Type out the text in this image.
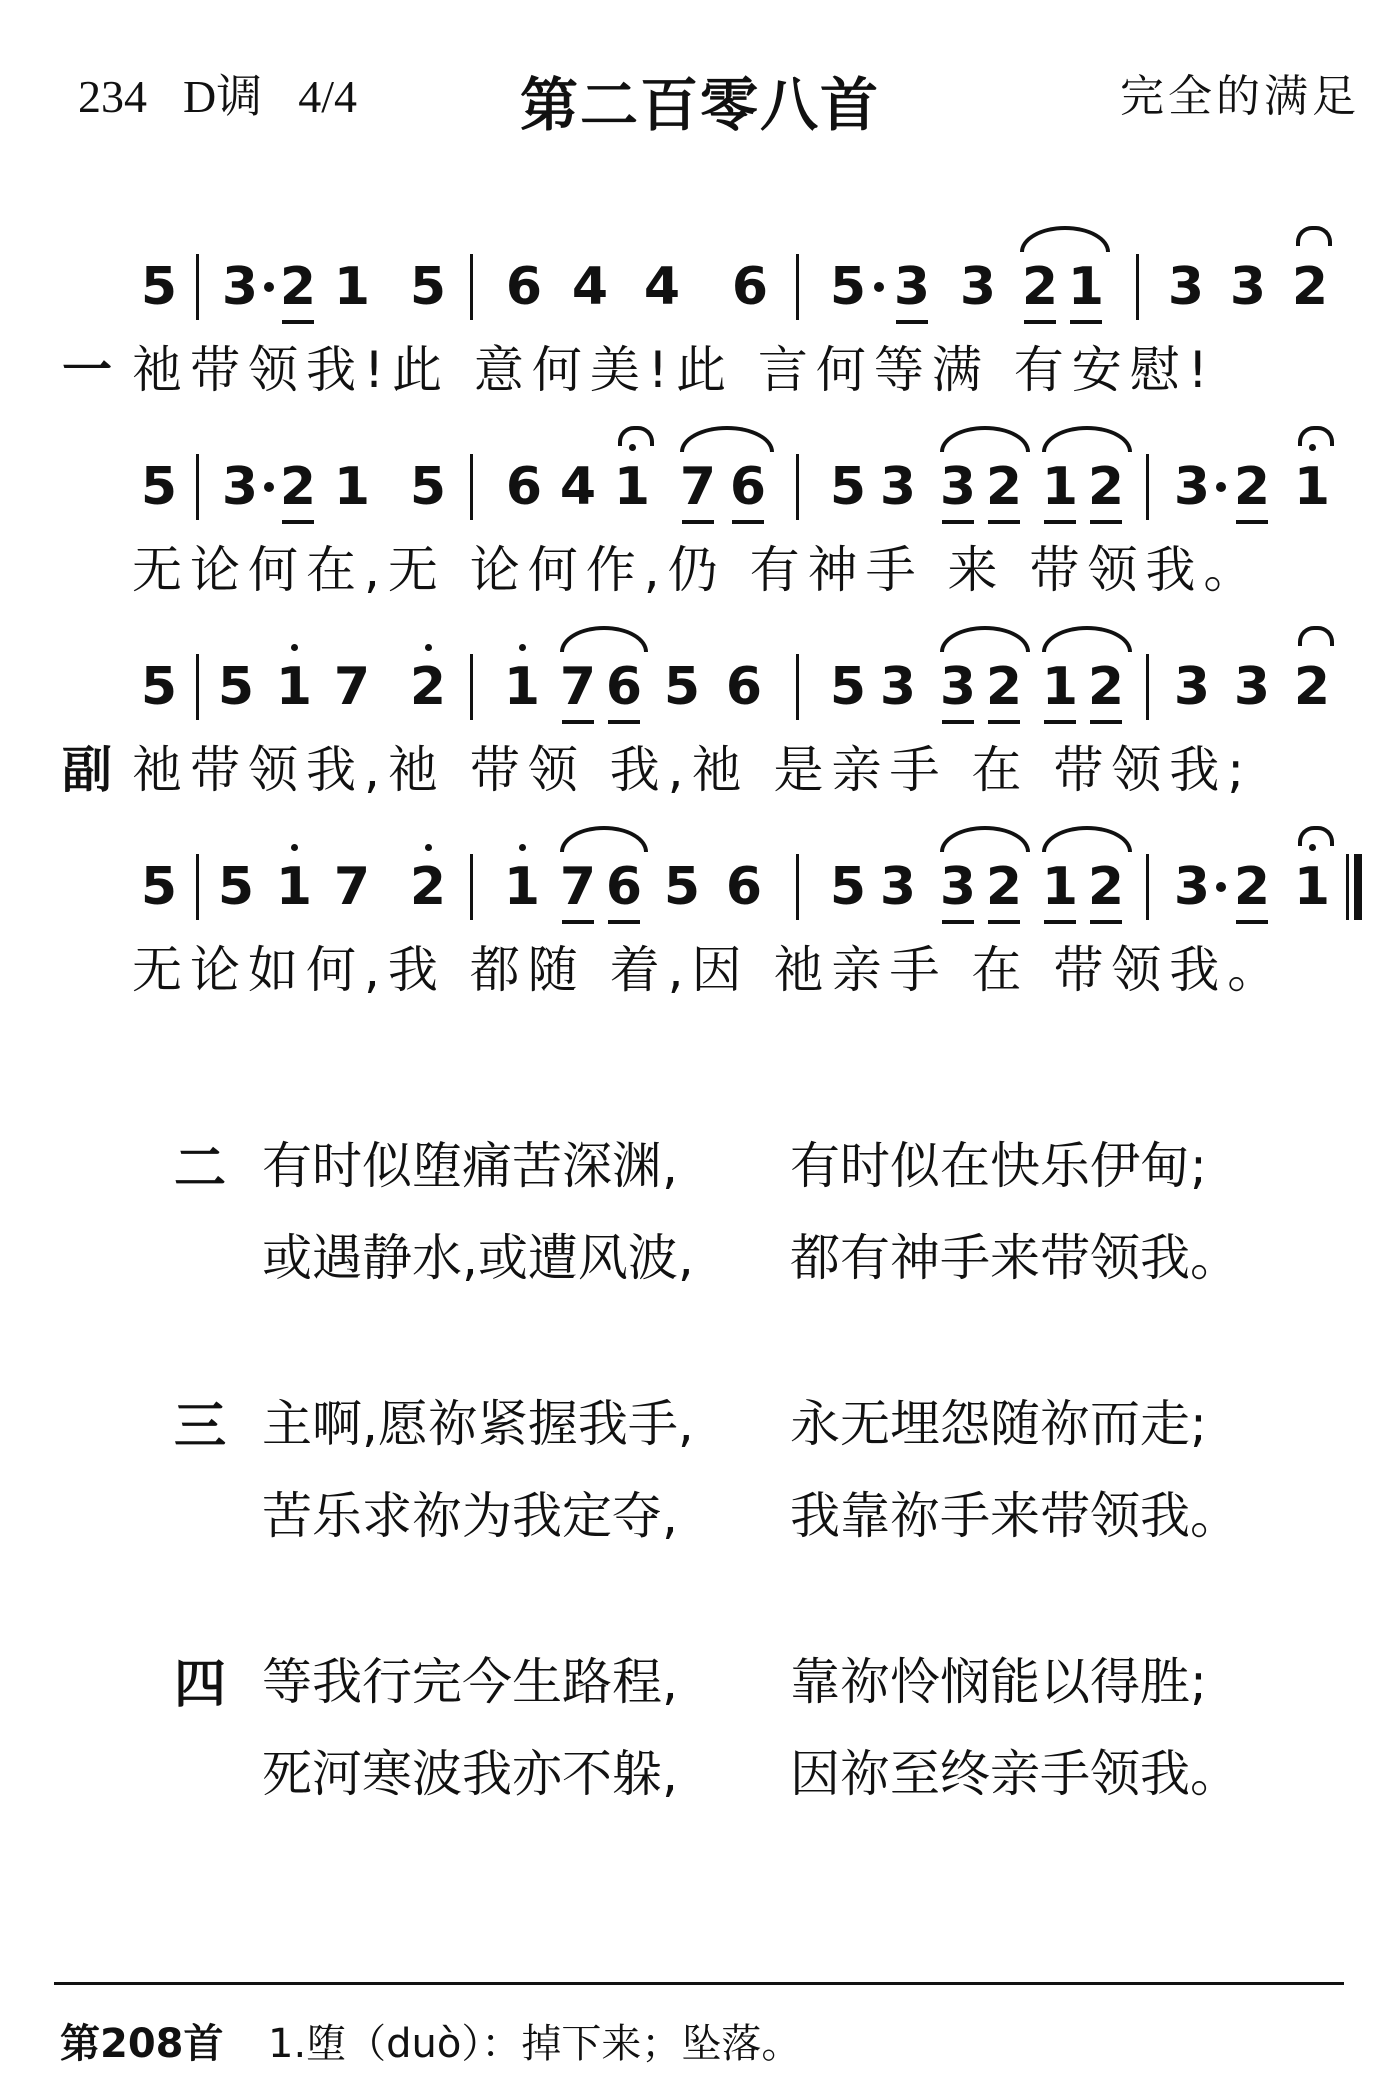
234 D调 4/4	第二百零八首	完全的满足
5 3 2 1 5 6 4 4 6 5 3 3 2 1 3 3 2
一 祂带领我!此 意何美!此 言何等满 有安慰!
5 3 2 1 5 6 4 1 7 6 5 3 3 2 1 2 3 2 1
无论何在,无 论何作,仍 有神手 来 带领我。
5 5 1 7 2 1 7 6 5 6 5 3 3 2 1 2 3 3 2
副 祂带领我,祂 带领 我,祂 是亲手 在 带领我;
5 5 1 7 2 1 7 6 5 6 5 3 3 2 1 2 3 2 1
无论如何,我 都随 着,因 祂亲手 在 带领我。
二 有时似堕痛苦深渊, 有时似在快乐伊甸;
或遇静水,或遭风波, 都有神手来带领我。
三 主啊,愿祢紧握我手, 永无埋怨随祢而走;
苦乐求祢为我定夺, 我靠祢手来带领我。
四 等我行完今生路程, 靠祢怜悯能以得胜;
死河寒波我亦不躲, 因祢至终亲手领我。
第208首 1.堕（duò）：掉下来；坠落。
